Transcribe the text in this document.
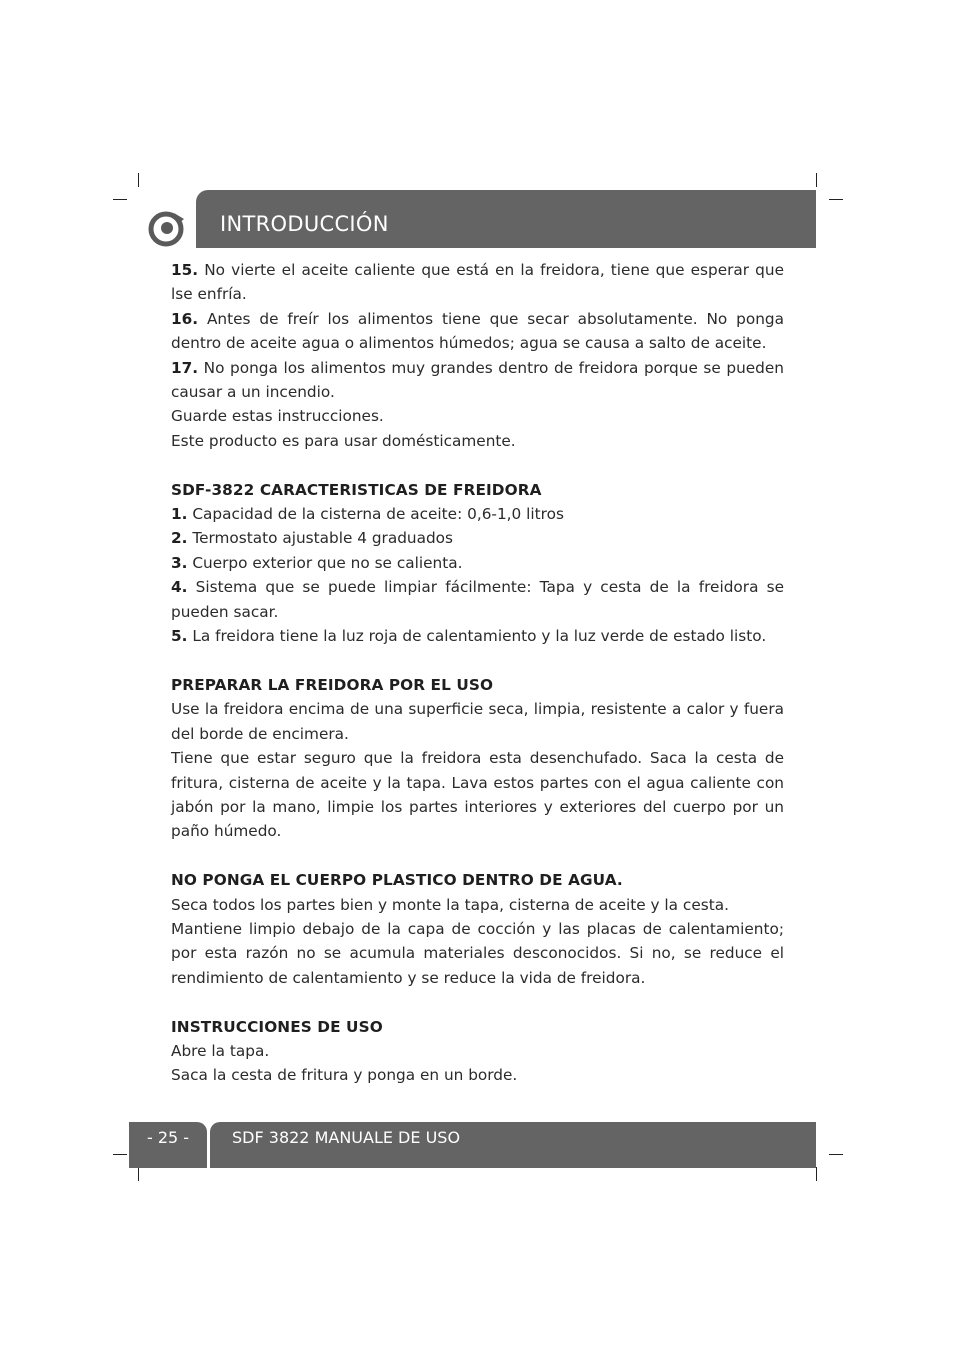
INTRODUCCIÓN

15. No vierte el aceite caliente que está en la freidora, tiene que esperar que lse enfría.

16. Antes de freír los alimentos tiene que secar absolutamente. No ponga dentro de aceite agua o alimentos húmedos; agua se causa a salto de aceite.

17. No ponga los alimentos muy grandes dentro de freidora porque se pueden causar a un incendio.

Guarde estas instrucciones.

Este producto es para usar domésticamente.

SDF-3822 CARACTERISTICAS DE FREIDORA

1. Capacidad de la cisterna de aceite: 0,6-1,0 litros

2. Termostato ajustable 4 graduados

3. Cuerpo exterior que no se calienta.

4. Sistema que se puede limpiar fácilmente: Tapa y cesta de la freidora se pueden sacar.

5. La freidora tiene la luz roja de calentamiento y la luz verde de estado listo.

PREPARAR LA FREIDORA POR EL USO

Use la freidora encima de una superficie seca, limpia, resistente a calor y fuera del borde de encimera.

Tiene que estar seguro que la freidora esta desenchufado. Saca la cesta de fritura, cisterna de aceite y la tapa. Lava estos partes con el agua caliente con jabón por la mano, limpie los partes interiores y exteriores del cuerpo por un paño húmedo.

NO PONGA EL CUERPO PLASTICO DENTRO DE AGUA.

Seca todos los partes bien y monte la tapa, cisterna de aceite y la cesta.

Mantiene limpio debajo de la capa de cocción y las placas de calentamiento; por esta razón no se acumula materiales desconocidos. Si no, se reduce el rendimiento de calentamiento y se reduce la vida de freidora.

INSTRUCCIONES DE USO

Abre la tapa.

Saca la cesta de fritura y ponga en un borde.

- 25 -	SDF 3822 MANUALE DE USO
